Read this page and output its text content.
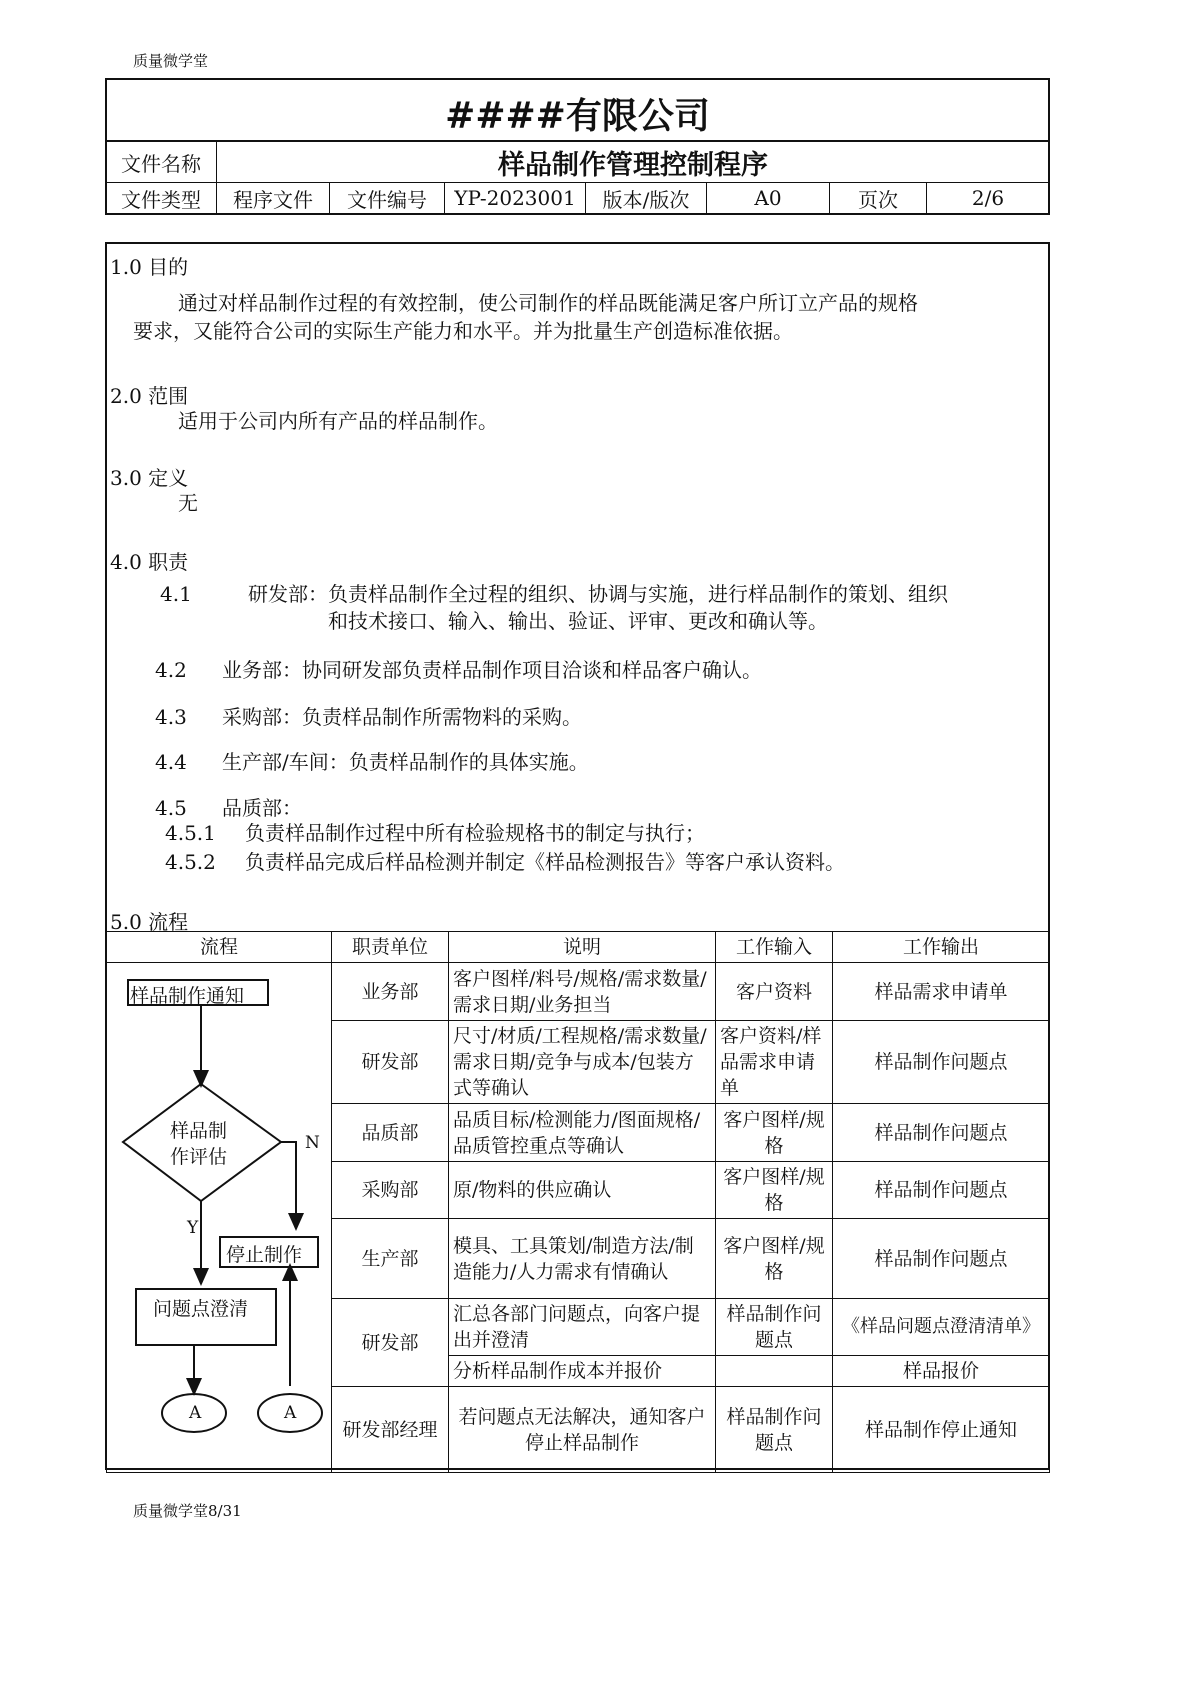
质量微学堂
####有限公司
文件名称	样品制作管理控制程序						
文件类型	程序文件	文件编号	YP-2023001	版本/版次	A0	页次	2/6
1.0 目的
通过对样品制作过程的有效控制，使公司制作的样品既能满足客户所订立产品的规格
要求，又能符合公司的实际生产能力和水平。并为批量生产创造标准依据。
2.0 范围
适用于公司内所有产品的样品制作。
3.0 定义
无
4.0 职责
4.1	研发部：负责样品制作全过程的组织、协调与实施，进行样品制作的策划、组织
和技术接口、输入、输出、验证、评审、更改和确认等。
4.2 业务部：协同研发部负责样品制作项目洽谈和样品客户确认。
4.3 采购部：负责样品制作所需物料的采购。
4.4 生产部/车间：负责样品制作的具体实施。
4.5 品质部：
4.5.1 负责样品制作过程中所有检验规格书的制定与执行；
4.5.2 负责样品完成后样品检测并制定《样品检测报告》等客户承认资料。
5.0 流程
流程	职责单位	说明	工作输入	工作输出
	业务部	客户图样/料号/规格/需求数量/需求日期/业务担当	客户资料	样品需求申请单
	研发部	尺寸/材质/工程规格/需求数量/需求日期/竞争与成本/包装方式等确认	客户资料/样品需求申请单	样品制作问题点
	品质部	品质目标/检测能力/图面规格/品质管控重点等确认	客户图样/规格	样品制作问题点
	采购部	原/物料的供应确认	客户图样/规格	样品制作问题点
	生产部	模具、工具策划/制造方法/制造能力/人力需求有情确认	客户图样/规格	样品制作问题点
	研发部	汇总各部门问题点，向客户提出并澄清	样品制作问题点	《样品问题点澄清清单》
		分析样品制作成本并报价		样品报价
	研发部经理	若问题点无法解决，通知客户停止样品制作	样品制作问题点	样品制作停止通知
样品制作通知
样品制
作评估
N
Y
停止制作
问题点澄清
A	A
质量微学堂8/31
